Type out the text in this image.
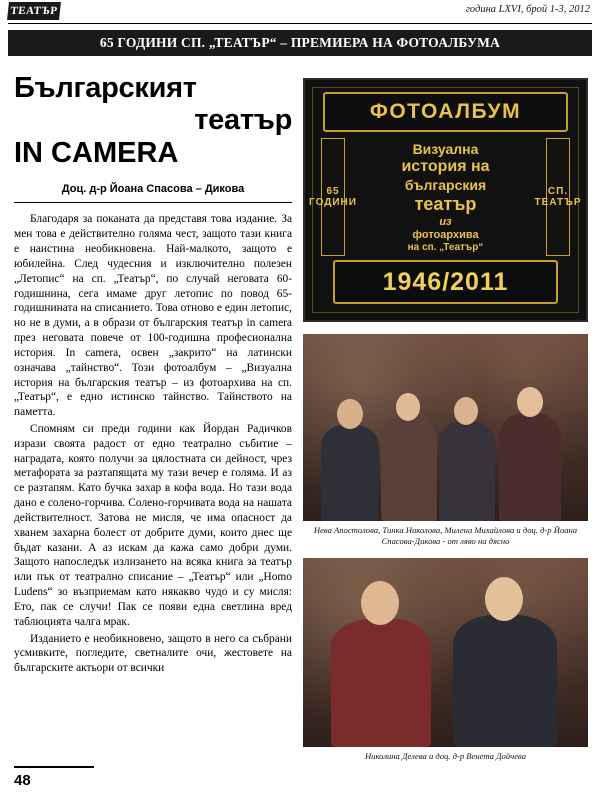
ТЕАТЪР	година LXVI, брой 1-3, 2012
65 ГОДИНИ СП. „ТЕАТЪР“ – ПРЕМИЕРА НА ФОТОАЛБУМА
Българският
театър
IN CAMERA
Доц. д-р Йоана Спасова – Дикова

Благодаря за поканата да представя това издание. За мен това е действително голяма чест, защото тази книга е наистина необикновена. Най-малкото, защото е юбилейна. След чудесния и изключително полезен „Летопис“ на сп. „Театър“, по случай неговата 60-годишнина, сега имаме друг летопис по повод 65-годишнината на списанието. Това отново е един летопис, но не в думи, а в образи от българския театър in camera през неговата повече от 100-годишна професионална история. In camera, освен „закрито“ на латински означава „тайнство“. Този фотоалбум – „Визуална история на българския театър – из фотоархива на сп. „Театър“, е едно истинско тайнство. Тайнството на паметта.

Спомням си преди години как Йордан Радичков изрази своята радост от едно театрално събитие – наградата, която получи за цялостната си дейност, чрез метафората за разтапящата му тази вечер е голяма. И аз се разтапям. Като бучка захар в кофа вода. Но тази вода дано е солено-горчива. Солено-горчивата вода на нашата действителност. Затова не мисля, че има опасност да хванем захарна болест от добрите думи, които днес ще бъдат казани. А аз искам да кажа само добри думи. Защото напоследък излизането на всяка книга за театър или пък от театрално списание – „Театър“ или „Homo Ludens“ зо възприемам като някакво чудо и су мисля: Ето, пак се случи! Пак се появи една светлина вред таблюцията чалга мрак.

Изданието е необикновено, защото в него са събрани усмивките, погледите, светналите очи, жестовете на българските актьори от всички

ФОТОАЛБУМ
65 ГОДИНИ
СП. ТЕАТЪР
Визуална
история на
българския
театър
из
фотоархива
на сп. „Театър“
1946/2011
Нева Апостолова, Тинка Николова, Милена Михайлова и доц. д-р Йоана Спасова-Дикова - от ляво на дясно
Николина Делева и доц. д-р Венета Дойчева
48
